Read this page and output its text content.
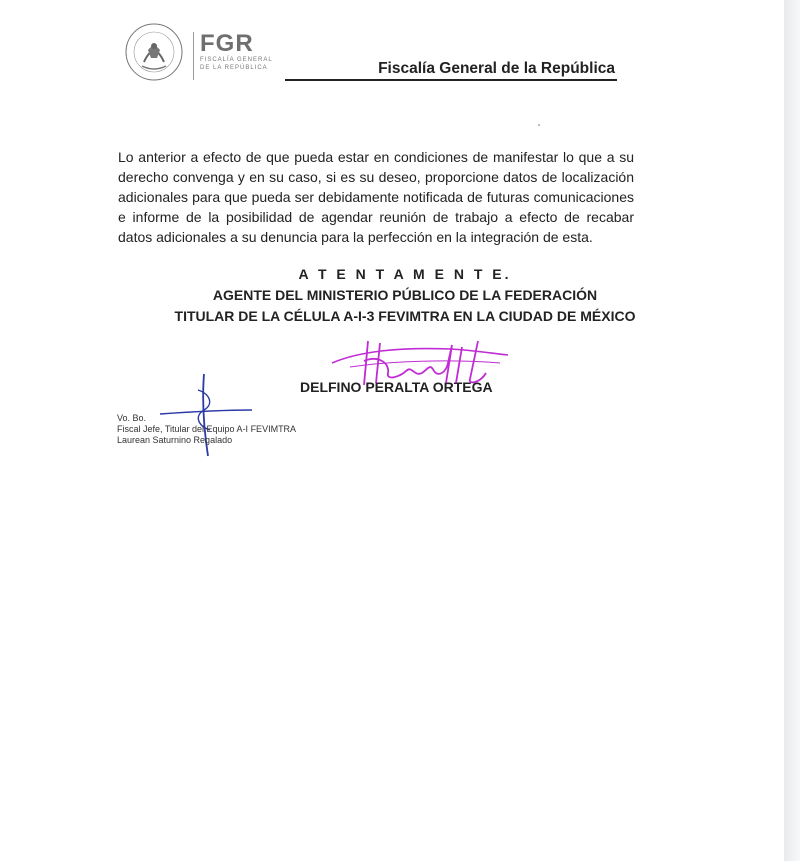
FGR
FISCALÍA GENERAL
DE LA REPÚBLICA	Fiscalía General de la República
Lo anterior a efecto de que pueda estar en condiciones de manifestar lo que a su derecho convenga y en su caso, si es su deseo, proporcione datos de localización adicionales para que pueda ser debidamente notificada de futuras comunicaciones e informe de la posibilidad de agendar reunión de trabajo a efecto de recabar datos adicionales a su denuncia para la perfección en la integración de esta.
A T E N T A M E N T E.
AGENTE DEL MINISTERIO PÚBLICO DE LA FEDERACIÓN
TITULAR DE LA CÉLULA A-I-3 FEVIMTRA EN LA CIUDAD DE MÉXICO
DELFINO PERALTA ORTEGA
Vo. Bo.
Fiscal Jefe, Titular del Equipo A-I FEVIMTRA
Laurean Saturnino Regalado
